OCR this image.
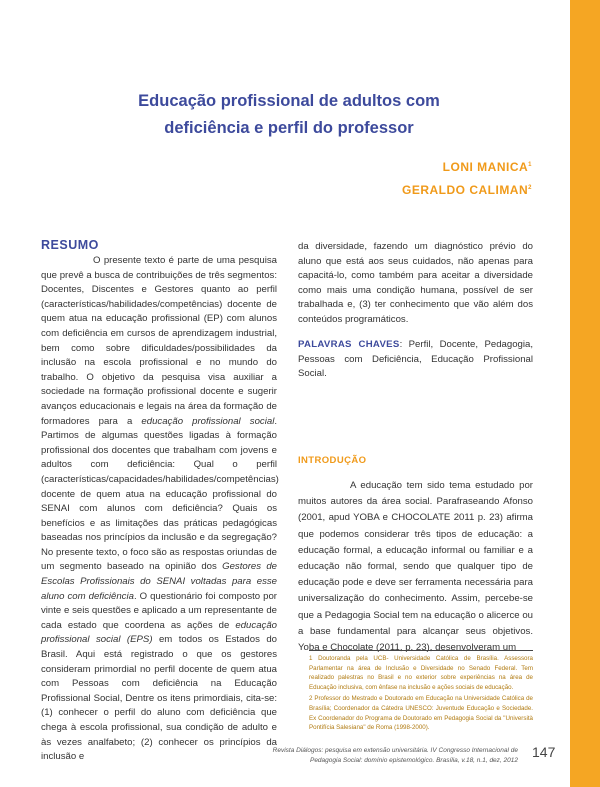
Educação profissional de adultos com
deficiência e perfil do professor
LONI MANICA$^1$
GERALDO CALIMAN$^2$
RESUMO

O presente texto é parte de uma pesquisa que prevê a busca de contribuições de três segmentos: Docentes, Discentes e Gestores quanto ao perfil (características/habilidades/competências) docente de quem atua na educação profissional (EP) com alunos com deficiência em cursos de aprendizagem industrial, bem como sobre dificuldades/possibilidades da inclusão na escola profissional e no mundo do trabalho. O objetivo da pesquisa visa auxiliar a sociedade na formação profissional docente e sugerir avanços educacionais e legais na área da formação de formadores para a educação profissional social. Partimos de algumas questões ligadas à formação profissional dos docentes que trabalham com jovens e adultos com deficiência: Qual o perfil (características/capacidades/habilidades/competências) docente de quem atua na educação profissional do SENAI com alunos com deficiência? Quais os benefícios e as limitações das práticas pedagógicas baseadas nos princípios da inclusão e da segregação? No presente texto, o foco são as respostas oriundas de um segmento baseado na opinião dos Gestores de Escolas Profissionais do SENAI voltadas para esse aluno com deficiência. O questionário foi composto por vinte e seis questões e aplicado a um representante de cada estado que coordena as ações de educação profissional social (EPS) em todos os Estados do Brasil. Aqui está registrado o que os gestores consideram primordial no perfil docente de quem atua com Pessoas com deficiência na Educação Profissional Social, Dentre os itens primordiais, cita-se: (1) conhecer o perfil do aluno com deficiência que chega à escola profissional, sua condição de adulto e às vezes analfabeto; (2) conhecer os princípios da inclusão e

da diversidade, fazendo um diagnóstico prévio do aluno que está aos seus cuidados, não apenas para capacitá-lo, como também para aceitar a diversidade como mais uma condição humana, possível de ser trabalhada e, (3) ter conhecimento que vão além dos conteúdos programáticos.

PALAVRAS CHAVES: Perfil, Docente, Pedagogia, Pessoas com Deficiência, Educação Profissional Social.
INTRODUÇÃO

A educação tem sido tema estudado por muitos autores da área social. Parafraseando Afonso (2001, apud YOBA e CHOCOLATE 2011 p. 23) afirma que podemos considerar três tipos de educação: a educação formal, a educação informal ou familiar e a educação não formal, sendo que qualquer tipo de educação pode e deve ser ferramenta necessária para universalização do conhecimento. Assim, percebe-se que a Pedagogia Social tem na educação o alicerce ou a base fundamental para alcançar seus objetivos. Yoba e Chocolate (2011, p. 23), desenvolveram um

1 Doutoranda pela UCB- Universidade Católica de Brasília. Assessora Parlamentar na área de Inclusão e Diversidade no Senado Federal. Tem realizado palestras no Brasil e no exterior sobre experiências na área de Educação inclusiva, com ênfase na inclusão e ações sociais de educação.

2 Professor do Mestrado e Doutorado em Educação na Universidade Católica de Brasília; Coordenador da Cátedra UNESCO: Juventude Educação e Sociedade. Ex Coordenador do Programa de Doutorado em Pedagogia Social da "Università Pontifícia Salesiana" de Roma (1998-2000).

Revista Diálogos: pesquisa em extensão universitária. IV Congresso Internacional de
Pedagogia Social: domínio epistemológico. Brasília, v.18, n.1, dez, 2012
147
